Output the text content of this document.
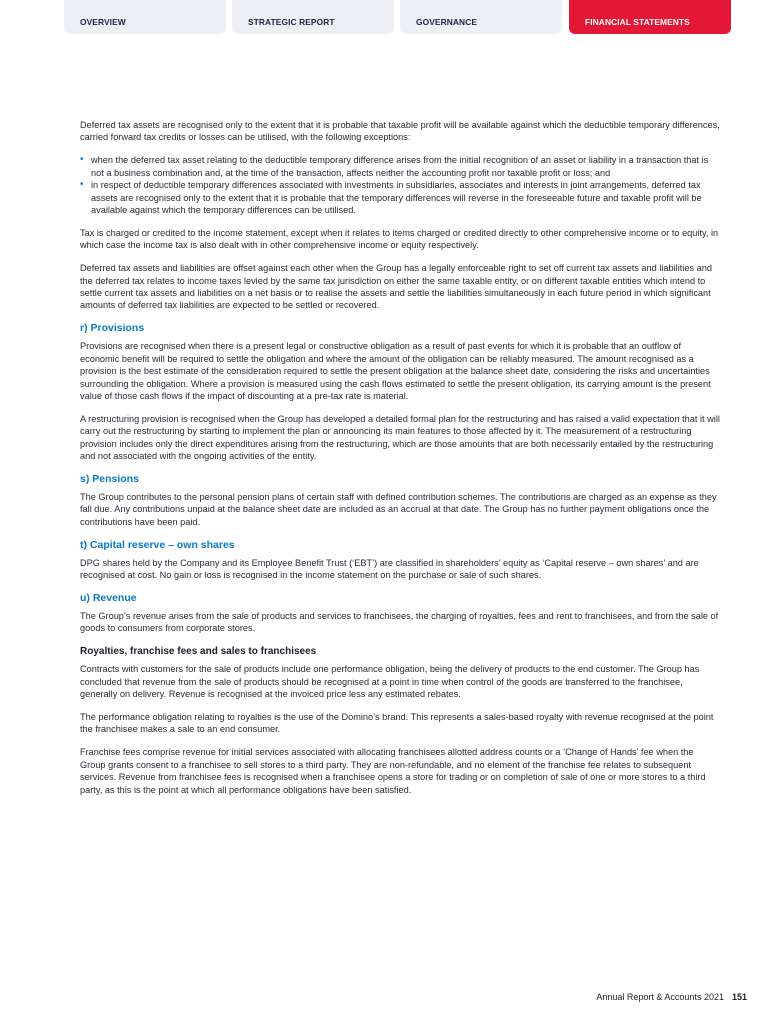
OVERVIEW	STRATEGIC REPORT	GOVERNANCE	FINANCIAL STATEMENTS

Deferred tax assets are recognised only to the extent that it is probable that taxable profit will be available against which the deductible temporary differences, carried forward tax credits or losses can be utilised, with the following exceptions:

• when the deferred tax asset relating to the deductible temporary difference arises from the initial recognition of an asset or liability in a transaction that is not a business combination and, at the time of the transaction, affects neither the accounting profit nor taxable profit or loss; and
• in respect of deductible temporary differences associated with investments in subsidiaries, associates and interests in joint arrangements, deferred tax assets are recognised only to the extent that it is probable that the temporary differences will reverse in the foreseeable future and taxable profit will be available against which the temporary differences can be utilised.

Tax is charged or credited to the income statement, except when it relates to items charged or credited directly to other comprehensive income or to equity, in which case the income tax is also dealt with in other comprehensive income or equity respectively.

Deferred tax assets and liabilities are offset against each other when the Group has a legally enforceable right to set off current tax assets and liabilities and the deferred tax relates to income taxes levied by the same tax jurisdiction on either the same taxable entity, or on different taxable entities which intend to settle current tax assets and liabilities on a net basis or to realise the assets and settle the liabilities simultaneously in each future period in which significant amounts of deferred tax liabilities are expected to be settled or recovered.

r) Provisions

Provisions are recognised when there is a present legal or constructive obligation as a result of past events for which it is probable that an outflow of economic benefit will be required to settle the obligation and where the amount of the obligation can be reliably measured. The amount recognised as a provision is the best estimate of the consideration required to settle the present obligation at the balance sheet date, considering the risks and uncertainties surrounding the obligation. Where a provision is measured using the cash flows estimated to settle the present obligation, its carrying amount is the present value of those cash flows if the impact of discounting at a pre-tax rate is material.

A restructuring provision is recognised when the Group has developed a detailed formal plan for the restructuring and has raised a valid expectation that it will carry out the restructuring by starting to implement the plan or announcing its main features to those affected by it. The measurement of a restructuring provision includes only the direct expenditures arising from the restructuring, which are those amounts that are both necessarily entailed by the restructuring and not associated with the ongoing activities of the entity.

s) Pensions

The Group contributes to the personal pension plans of certain staff with defined contribution schemes. The contributions are charged as an expense as they fall due. Any contributions unpaid at the balance sheet date are included as an accrual at that date. The Group has no further payment obligations once the contributions have been paid.

t) Capital reserve – own shares

DPG shares held by the Company and its Employee Benefit Trust (‘EBT’) are classified in shareholders’ equity as ‘Capital reserve – own shares’ and are recognised at cost. No gain or loss is recognised in the income statement on the purchase or sale of such shares.

u) Revenue

The Group’s revenue arises from the sale of products and services to franchisees, the charging of royalties, fees and rent to franchisees, and from the sale of goods to consumers from corporate stores.

Royalties, franchise fees and sales to franchisees

Contracts with customers for the sale of products include one performance obligation, being the delivery of products to the end customer. The Group has concluded that revenue from the sale of products should be recognised at a point in time when control of the goods are transferred to the franchisee, generally on delivery. Revenue is recognised at the invoiced price less any estimated rebates.

The performance obligation relating to royalties is the use of the Domino’s brand. This represents a sales-based royalty with revenue recognised at the point the franchisee makes a sale to an end consumer.

Franchise fees comprise revenue for initial services associated with allocating franchisees allotted address counts or a ‘Change of Hands’ fee when the Group grants consent to a franchisee to sell stores to a third party. They are non-refundable, and no element of the franchise fee relates to subsequent services. Revenue from franchisee fees is recognised when a franchisee opens a store for trading or on completion of sale of one or more stores to a third party, as this is the point at which all performance obligations have been satisfied.

Annual Report & Accounts 2021 151
